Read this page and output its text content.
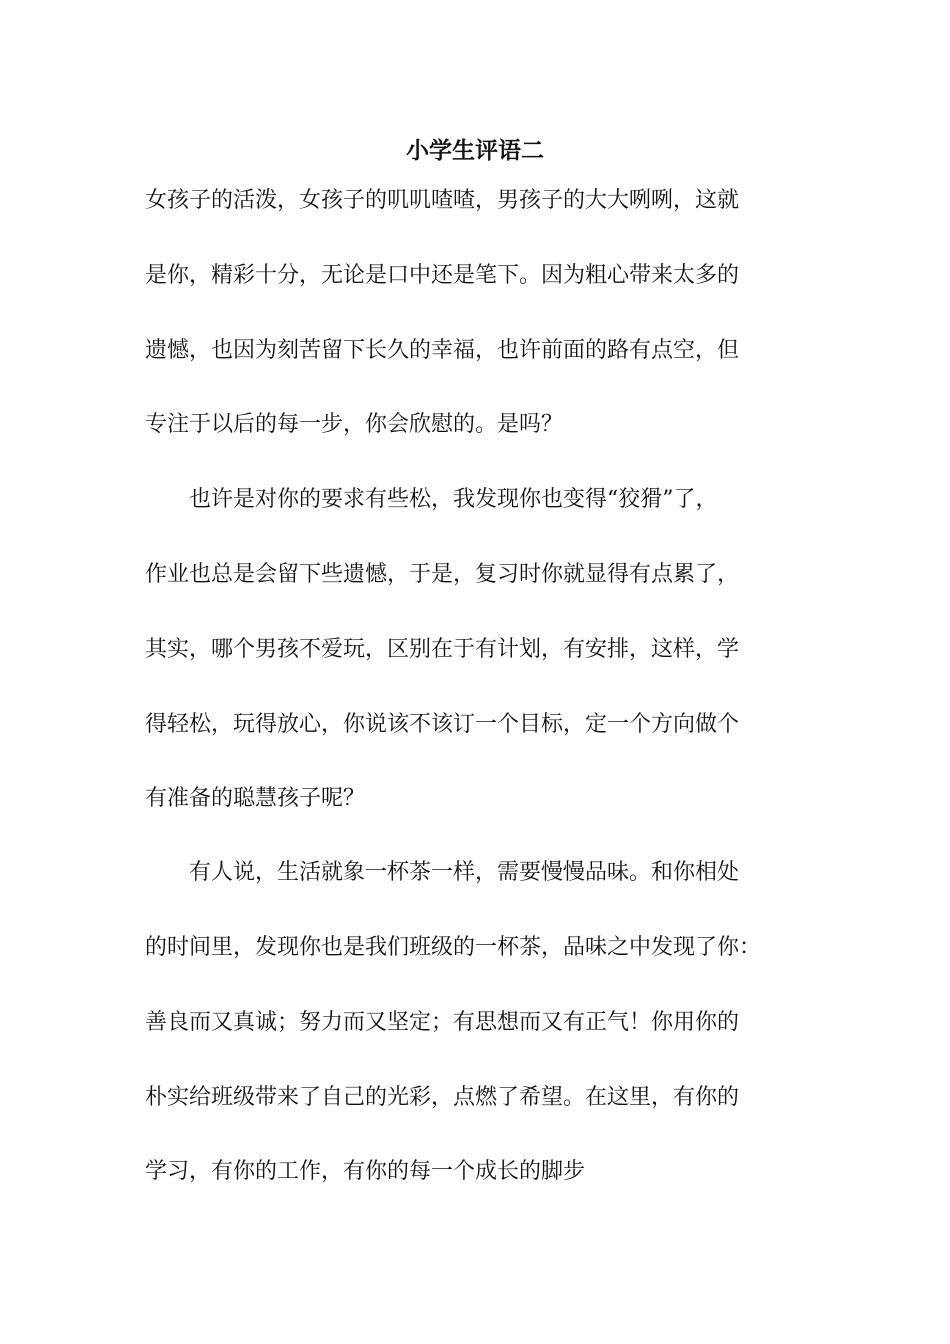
小学生评语二
女孩子的活泼，女孩子的叽叽喳喳，男孩子的大大咧咧，这就
是你，精彩十分，无论是口中还是笔下。因为粗心带来太多的
遗憾，也因为刻苦留下长久的幸福，也许前面的路有点空，但
专注于以后的每一步，你会欣慰的。是吗？
　　也许是对你的要求有些松，我发现你也变得“狡猾”了，
作业也总是会留下些遗憾，于是，复习时你就显得有点累了，
其实，哪个男孩不爱玩，区别在于有计划，有安排，这样，学
得轻松，玩得放心，你说该不该订一个目标，定一个方向做个
有准备的聪慧孩子呢？
　　有人说，生活就象一杯茶一样，需要慢慢品味。和你相处
的时间里，发现你也是我们班级的一杯茶，品味之中发现了你：
善良而又真诚；努力而又坚定；有思想而又有正气！你用你的
朴实给班级带来了自己的光彩，点燃了希望。在这里，有你的
学习，有你的工作，有你的每一个成长的脚步
